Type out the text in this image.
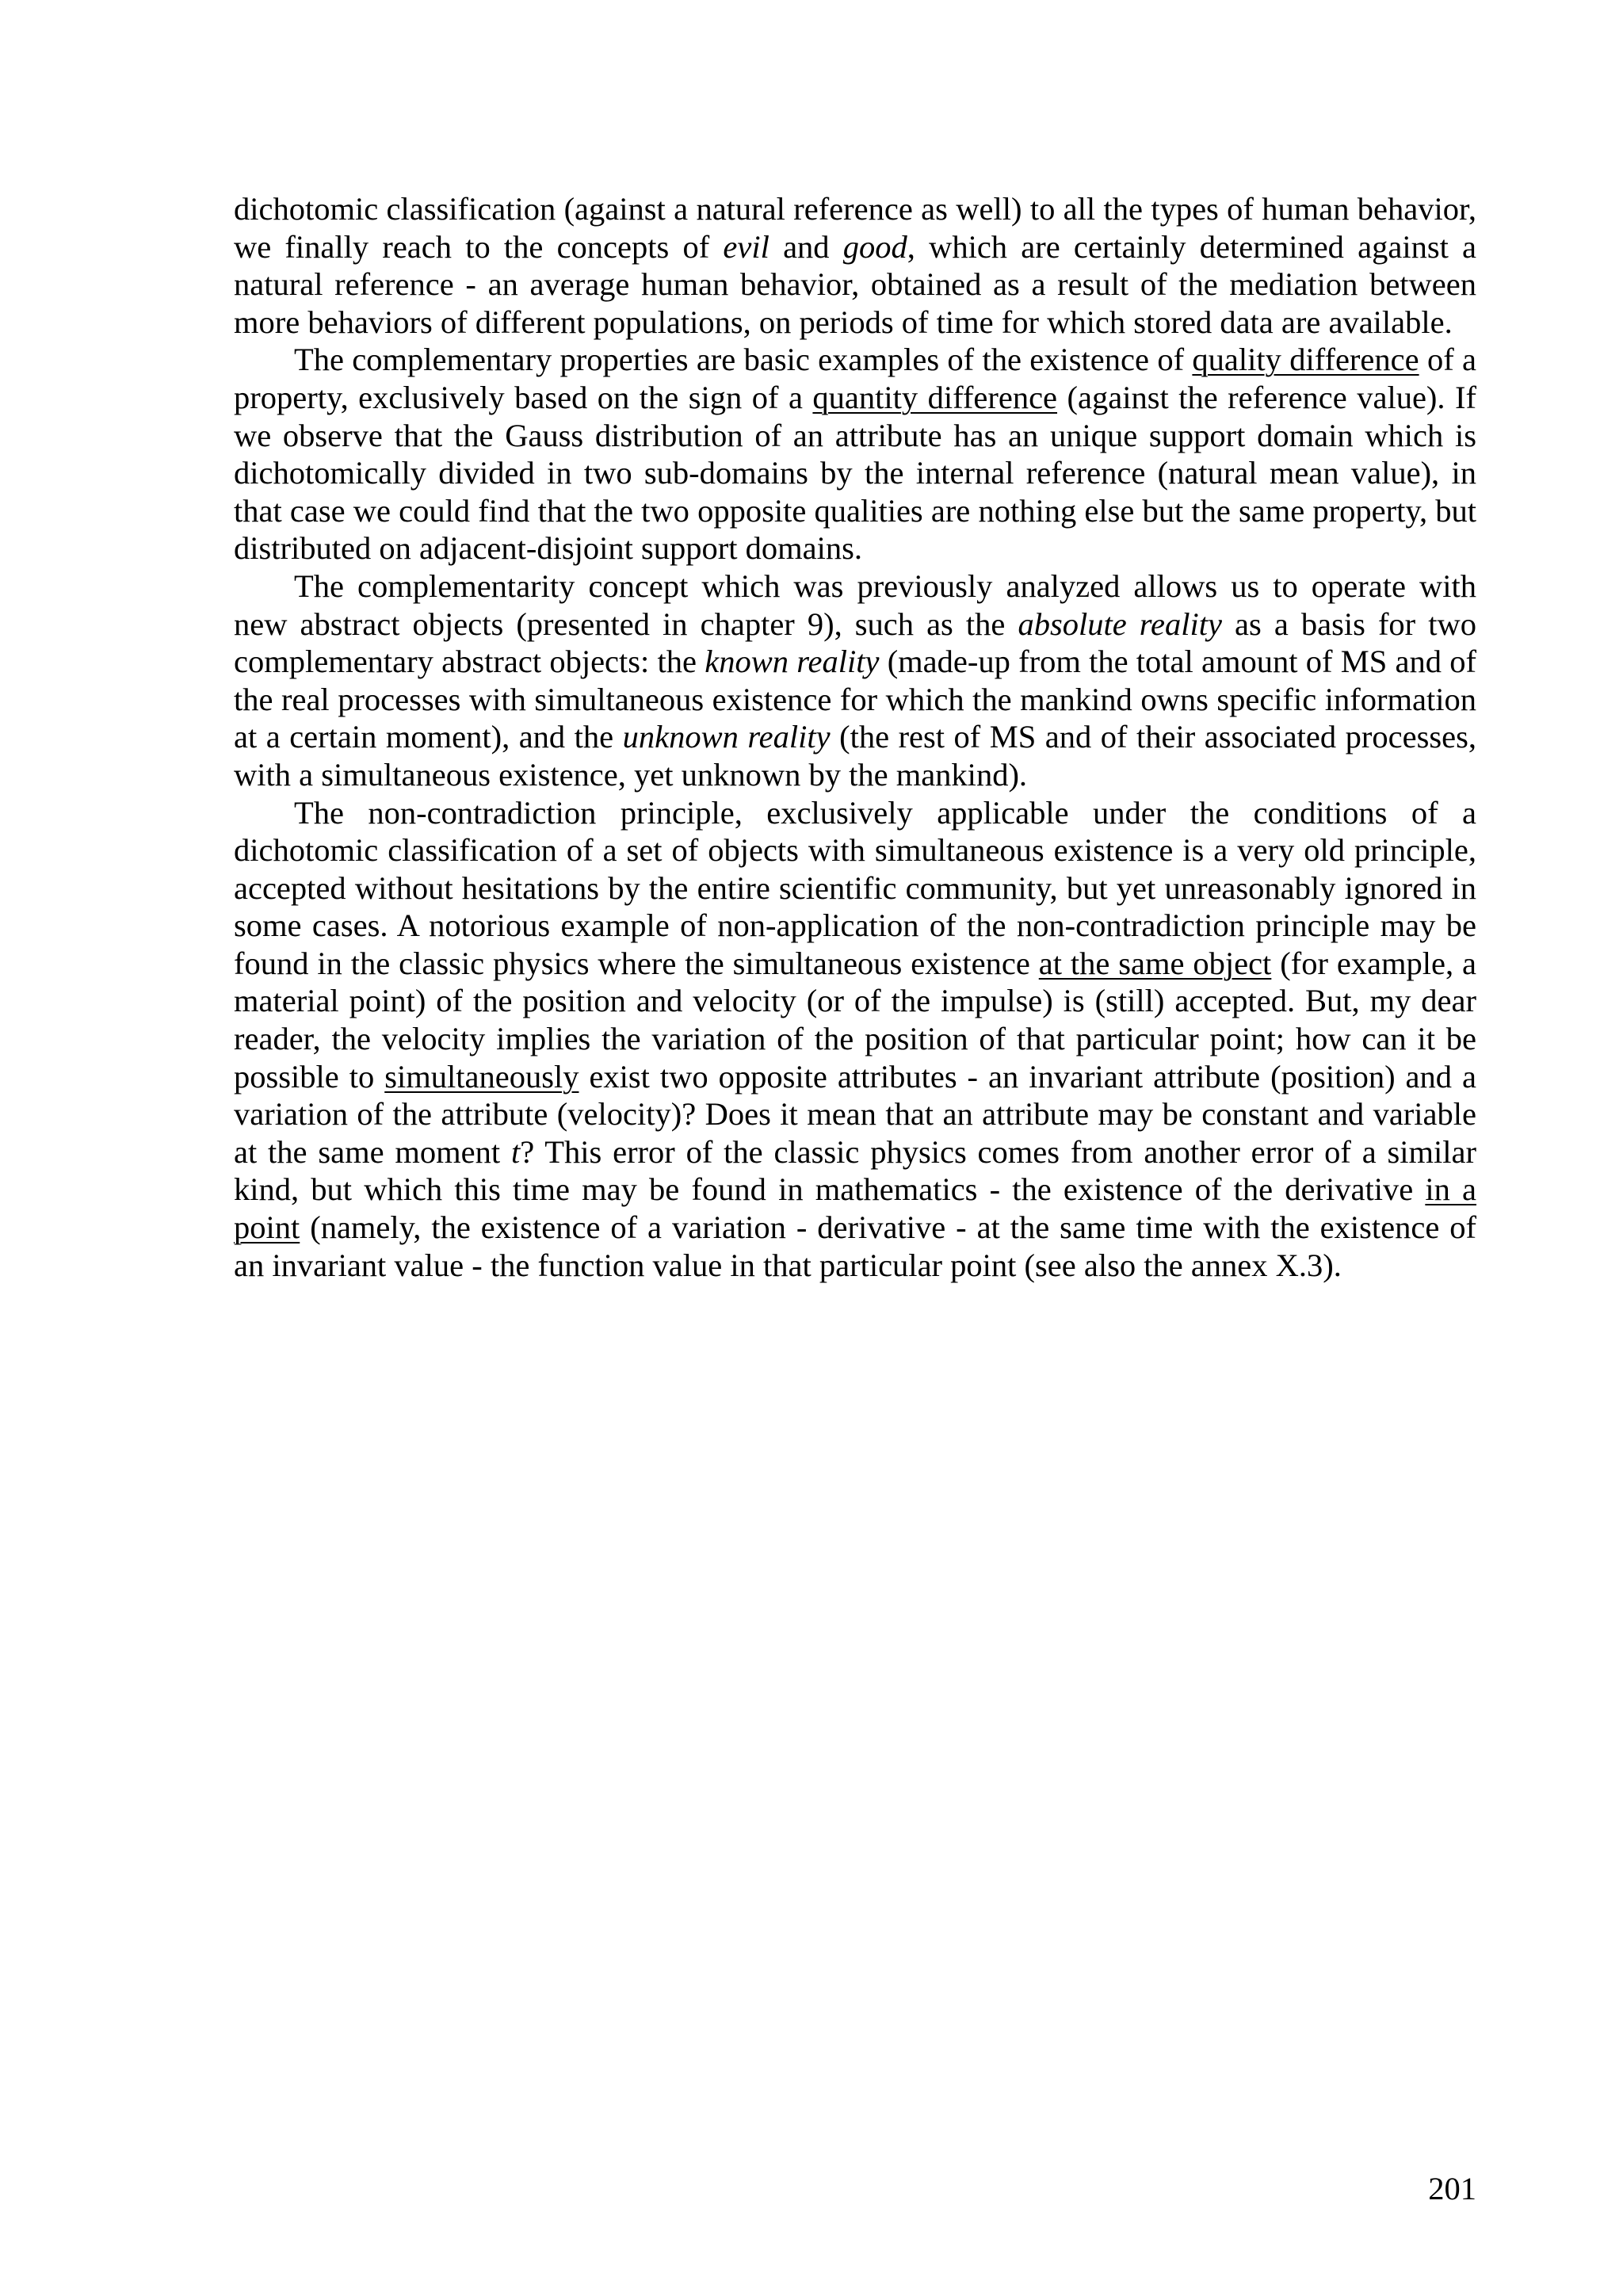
dichotomic classification (against a natural reference as well) to all the types of human behavior, we finally reach to the concepts of evil and good, which are certainly determined against a natural reference - an average human behavior, obtained as a result of the mediation between more behaviors of different populations, on periods of time for which stored data are available.

The complementary properties are basic examples of the existence of quality difference of a property, exclusively based on the sign of a quantity difference (against the reference value). If we observe that the Gauss distribution of an attribute has an unique support domain which is dichotomically divided in two sub-domains by the internal reference (natural mean value), in that case we could find that the two opposite qualities are nothing else but the same property, but distributed on adjacent-disjoint support domains.

The complementarity concept which was previously analyzed allows us to operate with new abstract objects (presented in chapter 9), such as the absolute reality as a basis for two complementary abstract objects: the known reality (made-up from the total amount of MS and of the real processes with simultaneous existence for which the mankind owns specific information at a certain moment), and the unknown reality (the rest of MS and of their associated processes, with a simultaneous existence, yet unknown by the mankind).

The non-contradiction principle, exclusively applicable under the conditions of a dichotomic classification of a set of objects with simultaneous existence is a very old principle, accepted without hesitations by the entire scientific community, but yet unreasonably ignored in some cases. A notorious example of non-application of the non-contradiction principle may be found in the classic physics where the simultaneous existence at the same object (for example, a material point) of the position and velocity (or of the impulse) is (still) accepted. But, my dear reader, the velocity implies the variation of the position of that particular point; how can it be possible to simultaneously exist two opposite attributes - an invariant attribute (position) and a variation of the attribute (velocity)? Does it mean that an attribute may be constant and variable at the same moment t? This error of the classic physics comes from another error of a similar kind, but which this time may be found in mathematics - the existence of the derivative in a point (namely, the existence of a variation - derivative - at the same time with the existence of an invariant value - the function value in that particular point (see also the annex X.3).

201
